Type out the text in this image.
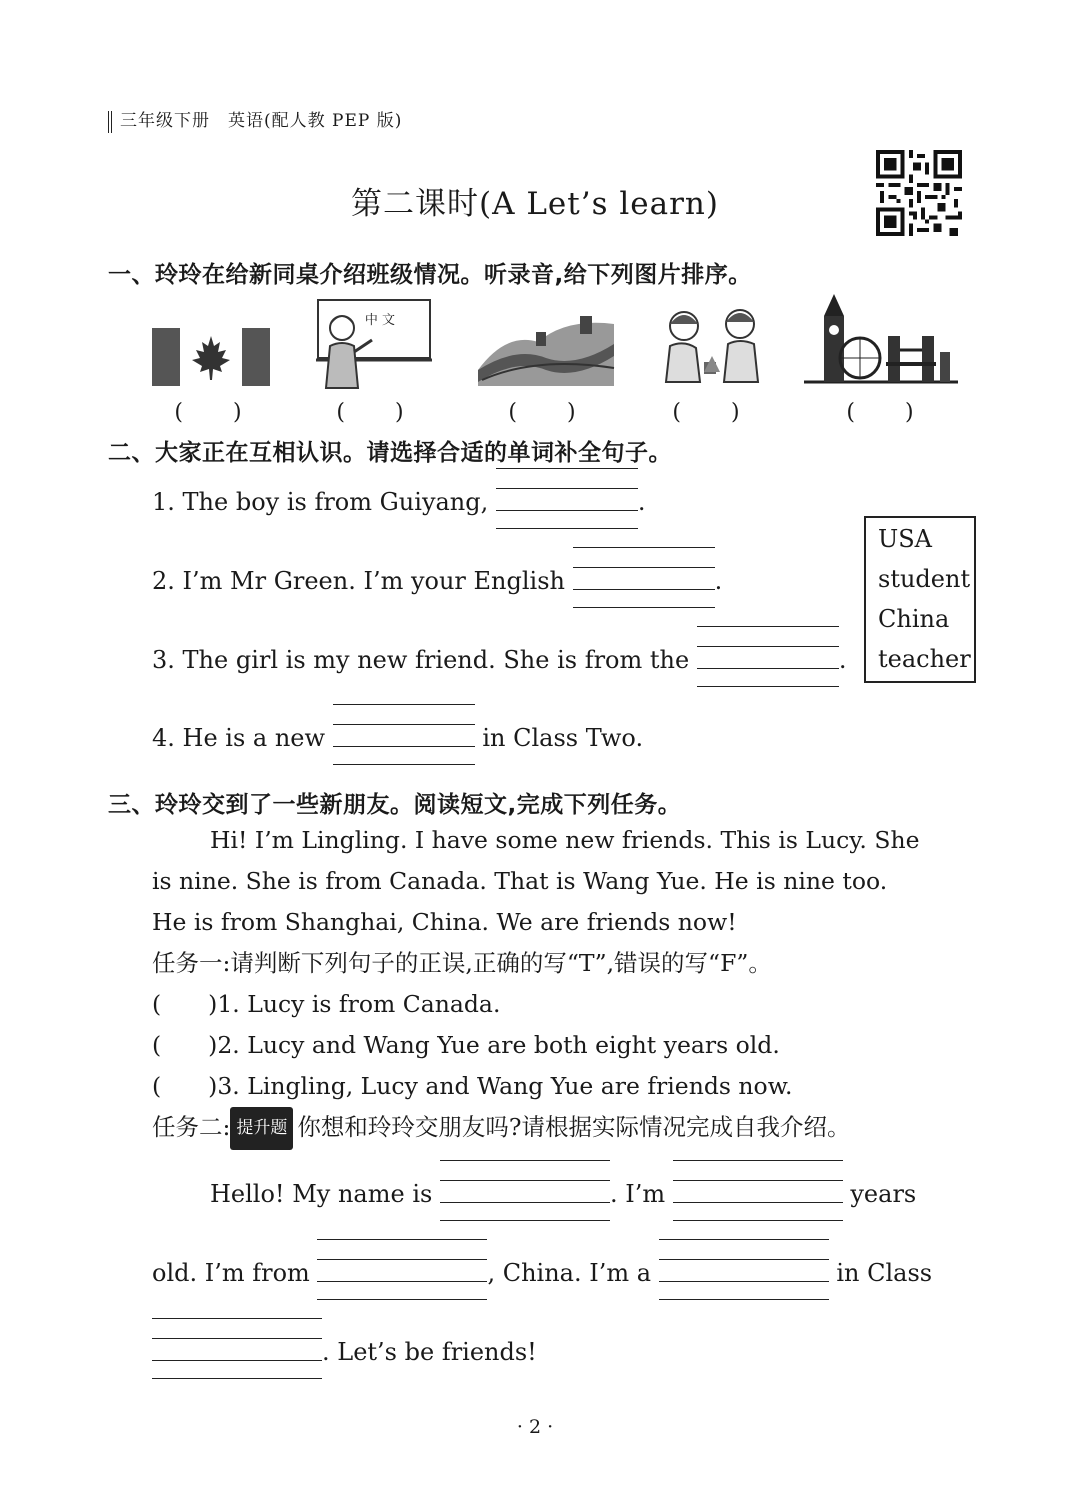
三年级下册　英语(配人教 PEP 版)
第二课时(A Let’s learn)
一、玲玲在给新同桌介绍班级情况。听录音,给下列图片排序。
中 文
(　　)	(　　)	(　　)	(　　)	(　　)
二、大家正在互相认识。请选择合适的单词补全句子。
1. The boy is from Guiyang,	.
2. I’m Mr Green. I’m your English	.
3. The girl is my new friend. She is from the	.
4. He is a new	in Class Two.
USA
student
China
teacher
三、玲玲交到了一些新朋友。阅读短文,完成下列任务。
Hi! I’m Lingling. I have some new friends. This is Lucy. She
is nine. She is from Canada. That is Wang Yue. He is nine too.
He is from Shanghai, China. We are friends now!
任务一:请判断下列句子的正误,正确的写“T”,错误的写“F”。
(　　)1. Lucy is from Canada.
(　　)2. Lucy and Wang Yue are both eight years old.
(　　)3. Lingling, Lucy and Wang Yue are friends now.
任务二: 提升题 你想和玲玲交朋友吗?请根据实际情况完成自我介绍。
Hello! My name is	. I’m	years
old. I’m from	, China. I’m a	in Class
. Let’s be friends!
· 2 ·
